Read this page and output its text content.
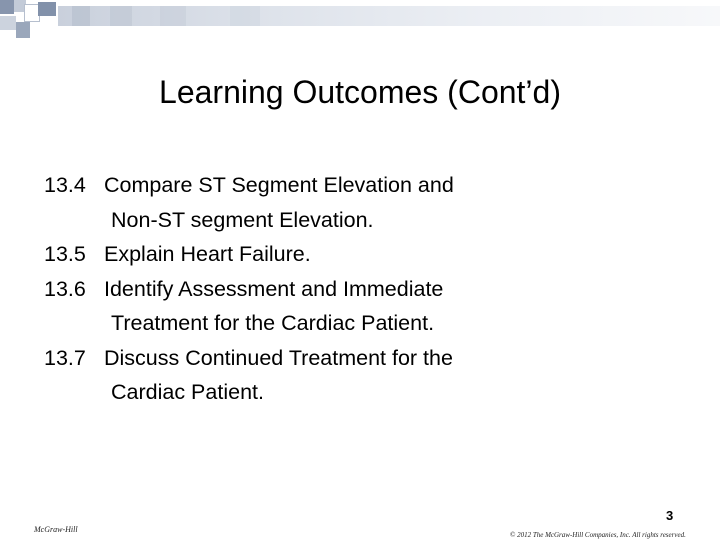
Learning Outcomes (Cont’d)
13.4 Compare ST Segment Elevation and
Non-ST segment Elevation.
13.5 Explain Heart Failure.
13.6 Identify Assessment and Immediate
Treatment for the Cardiac Patient.
13.7 Discuss Continued Treatment for the
Cardiac Patient.
3
McGraw-Hill
© 2012 The McGraw-Hill Companies, Inc. All rights reserved.
